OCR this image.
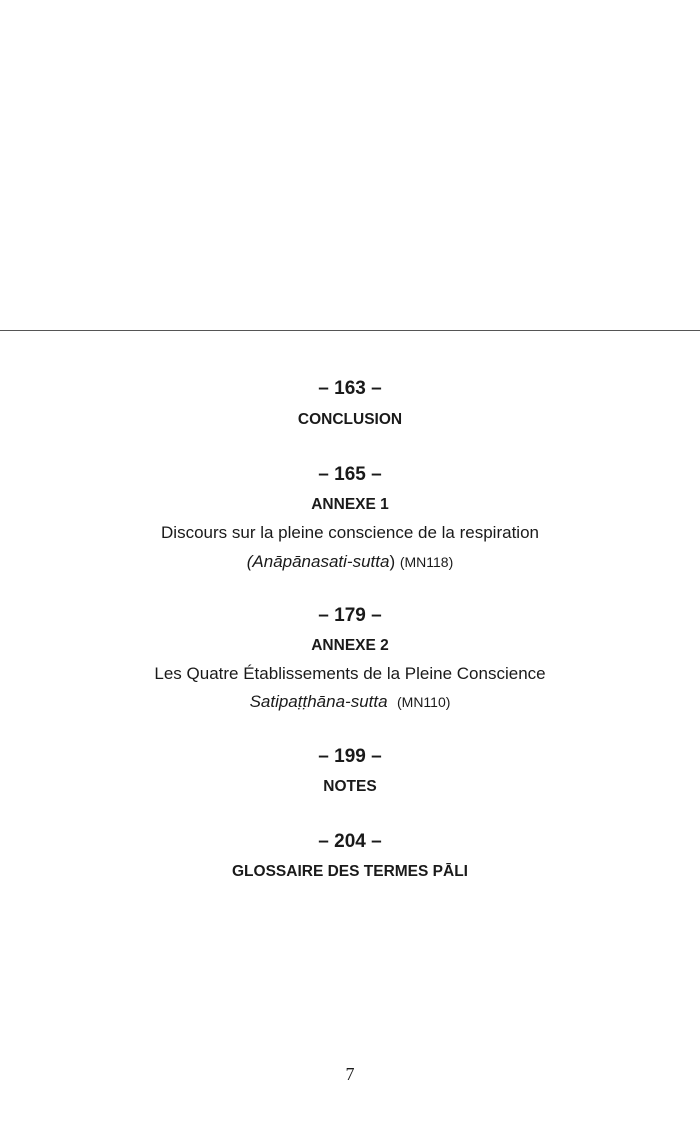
– 163 –
CONCLUSION
– 165 –
ANNEXE 1
Discours sur la pleine conscience de la respiration
(Anāpānasati-sutta) (MN118)
– 179 –
ANNEXE 2
Les Quatre Établissements de la Pleine Conscience
Satipaṭṭhāna-sutta (MN110)
– 199 –
NOTES
– 204 –
GLOSSAIRE DES TERMES PĀLI
7
